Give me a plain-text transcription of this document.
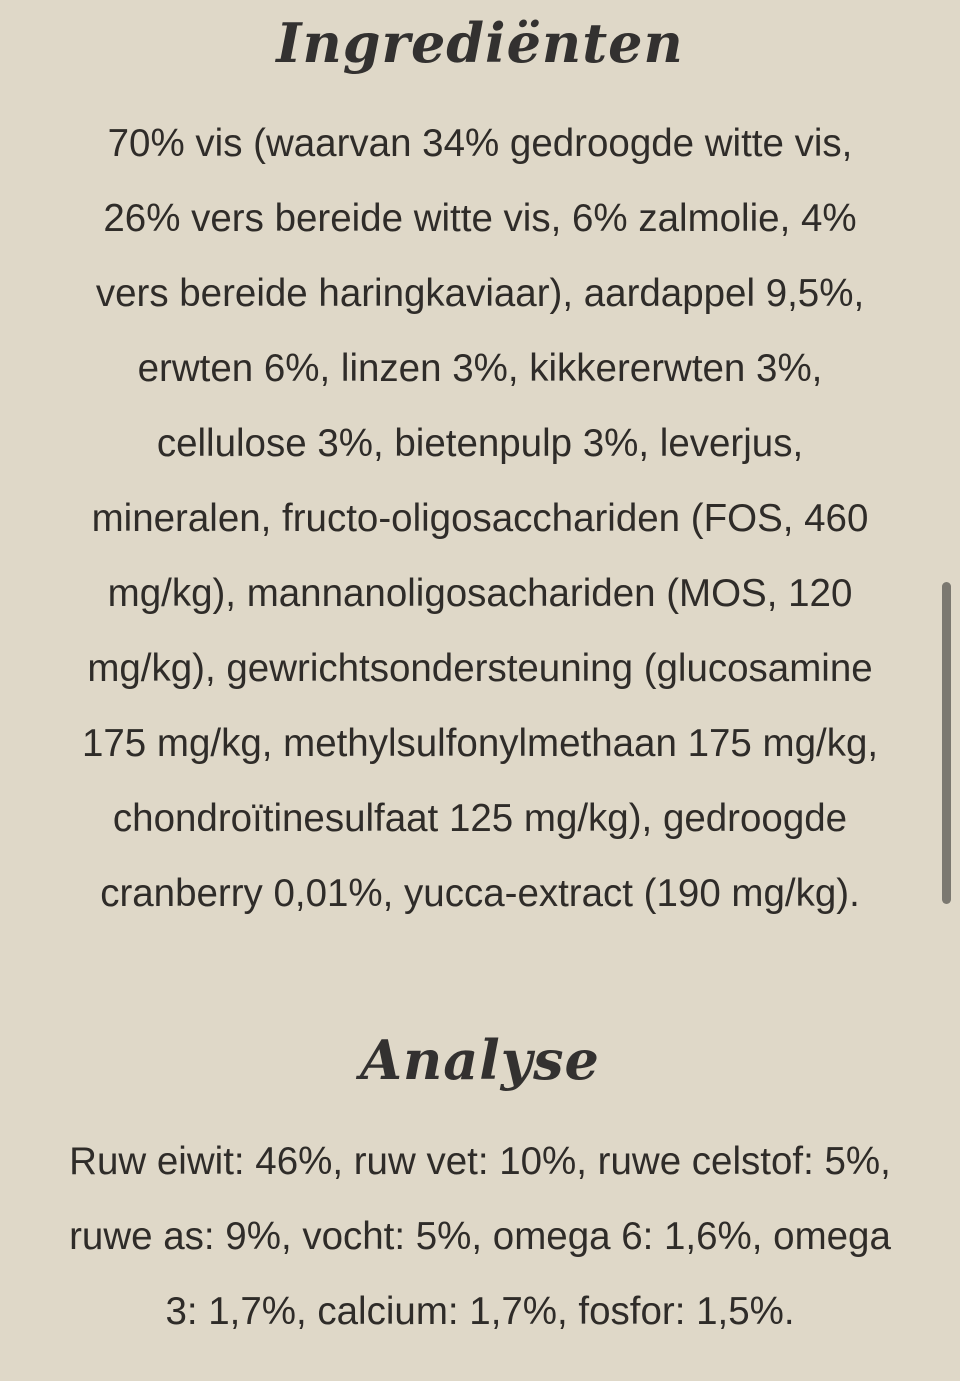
Ingrediënten
70% vis (waarvan 34% gedroogde witte vis,
26% vers bereide witte vis, 6% zalmolie, 4%
vers bereide haringkaviaar), aardappel 9,5%,
erwten 6%, linzen 3%, kikkererwten 3%,
cellulose 3%, bietenpulp 3%, leverjus,
mineralen, fructo-oligosacchariden (FOS, 460
mg/kg), mannanoligosachariden (MOS, 120
mg/kg), gewrichtsondersteuning (glucosamine
175 mg/kg, methylsulfonylmethaan 175 mg/kg,
chondroïtinesulfaat 125 mg/kg), gedroogde
cranberry 0,01%, yucca-extract (190 mg/kg).
Analyse
Ruw eiwit: 46%, ruw vet: 10%, ruwe celstof: 5%,
ruwe as: 9%, vocht: 5%, omega 6: 1,6%, omega
3: 1,7%, calcium: 1,7%, fosfor: 1,5%.
